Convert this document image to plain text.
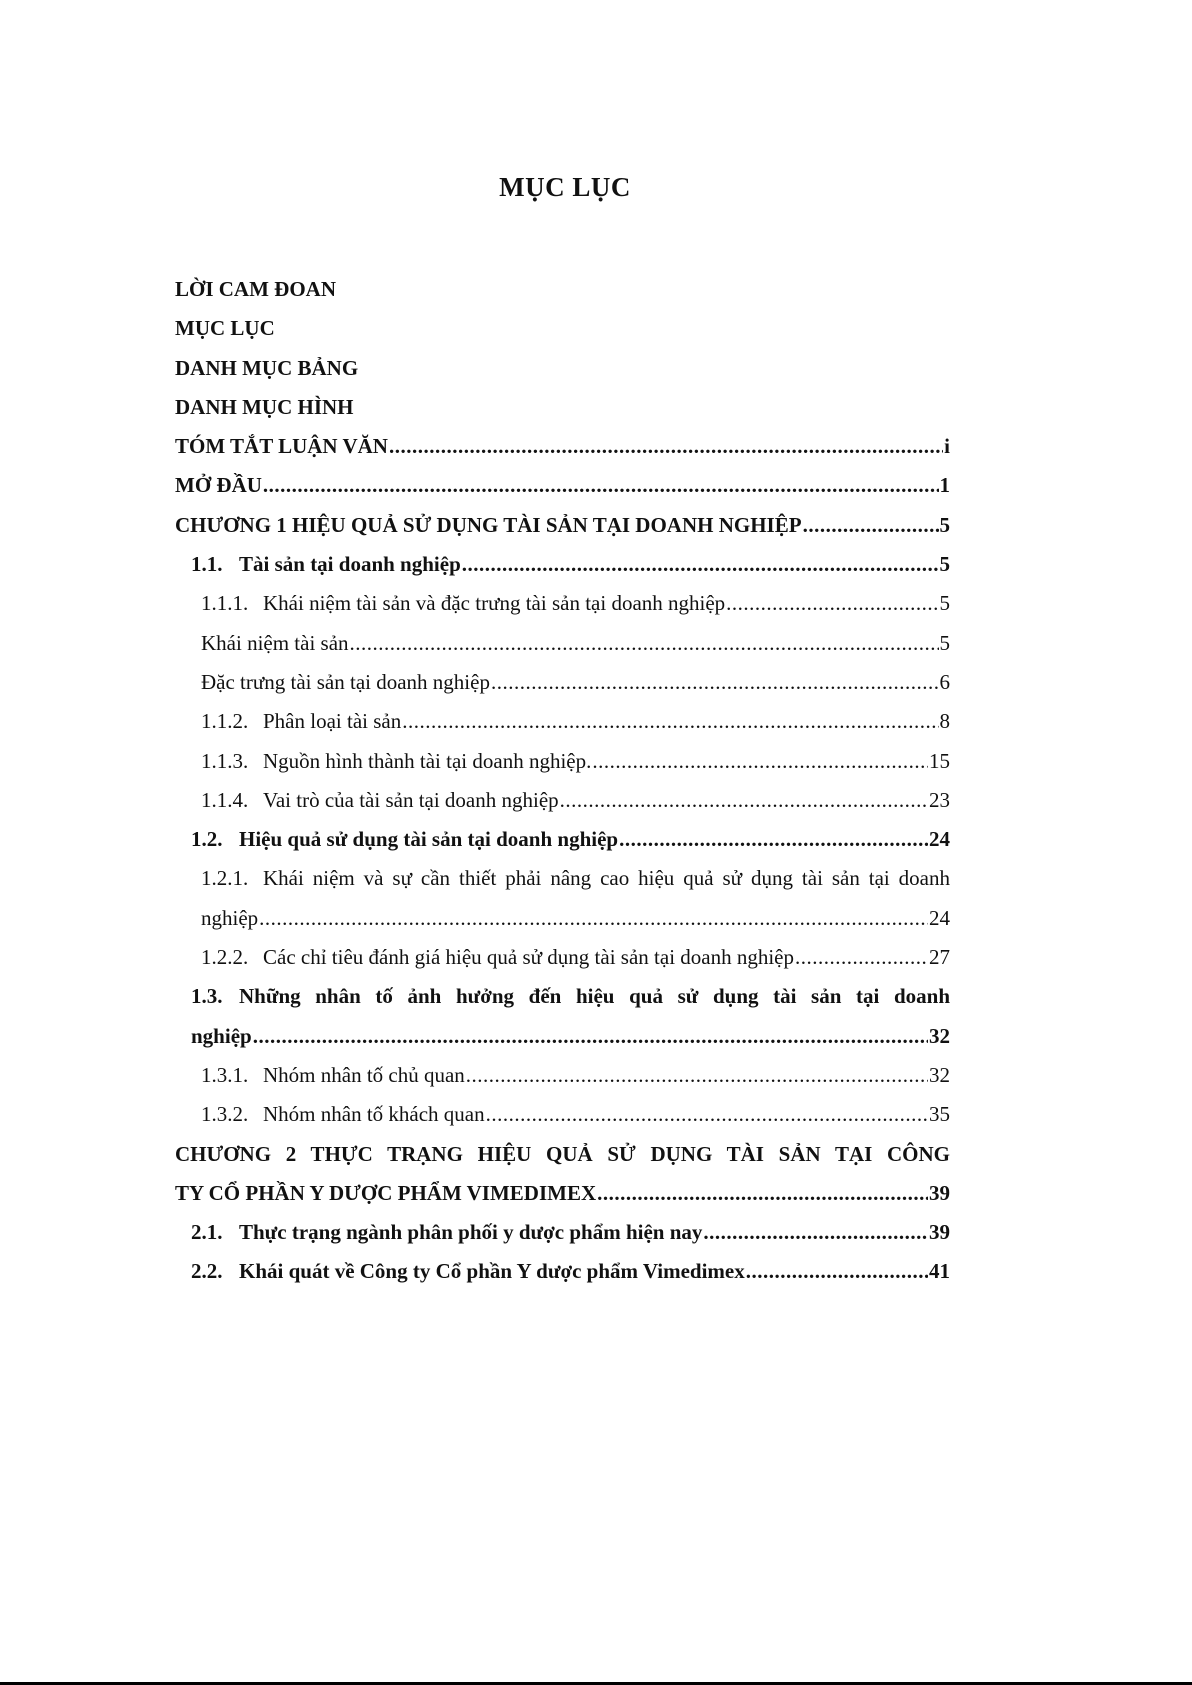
MỤC LỤC
LỜI CAM ĐOAN
MỤC LỤC
DANH MỤC BẢNG
DANH MỤC HÌNH
TÓM TẮT LUẬN VĂN .....	i
MỞ ĐẦU .....	1
CHƯƠNG 1 HIỆU QUẢ SỬ DỤNG TÀI SẢN TẠI DOANH NGHIỆP .....	5
1.1. Tài sản tại doanh nghiệp .....	5
1.1.1. Khái niệm tài sản và đặc trưng tài sản tại doanh nghiệp .....	5
Khái niệm tài sản .....	5
Đặc trưng tài sản tại doanh nghiệp .....	6
1.1.2. Phân loại tài sản .....	8
1.1.3. Nguồn hình thành tài tại doanh nghiệp. .....	15
1.1.4. Vai trò của tài sản tại doanh nghiệp .....	23
1.2. Hiệu quả sử dụng tài sản tại doanh nghiệp .....	24
1.2.1. Khái niệm và sự cần thiết phải nâng cao hiệu quả sử dụng tài sản tại doanh
nghiệp .....	24
1.2.2. Các chỉ tiêu đánh giá hiệu quả sử dụng tài sản tại doanh nghiệp .....	27
1.3. Những nhân tố ảnh hưởng đến hiệu quả sử dụng tài sản tại doanh
nghiệp .....	32
1.3.1. Nhóm nhân tố chủ quan .....	32
1.3.2. Nhóm nhân tố khách quan .....	35
CHƯƠNG 2 THỰC TRẠNG HIỆU QUẢ SỬ DỤNG TÀI SẢN TẠI CÔNG
TY CỔ PHẦN Y DƯỢC PHẨM VIMEDIMEX .....	39
2.1. Thực trạng ngành phân phối y dược phẩm hiện nay .....	39
2.2. Khái quát về Công ty Cổ phần Y dược phẩm Vimedimex .....	41
